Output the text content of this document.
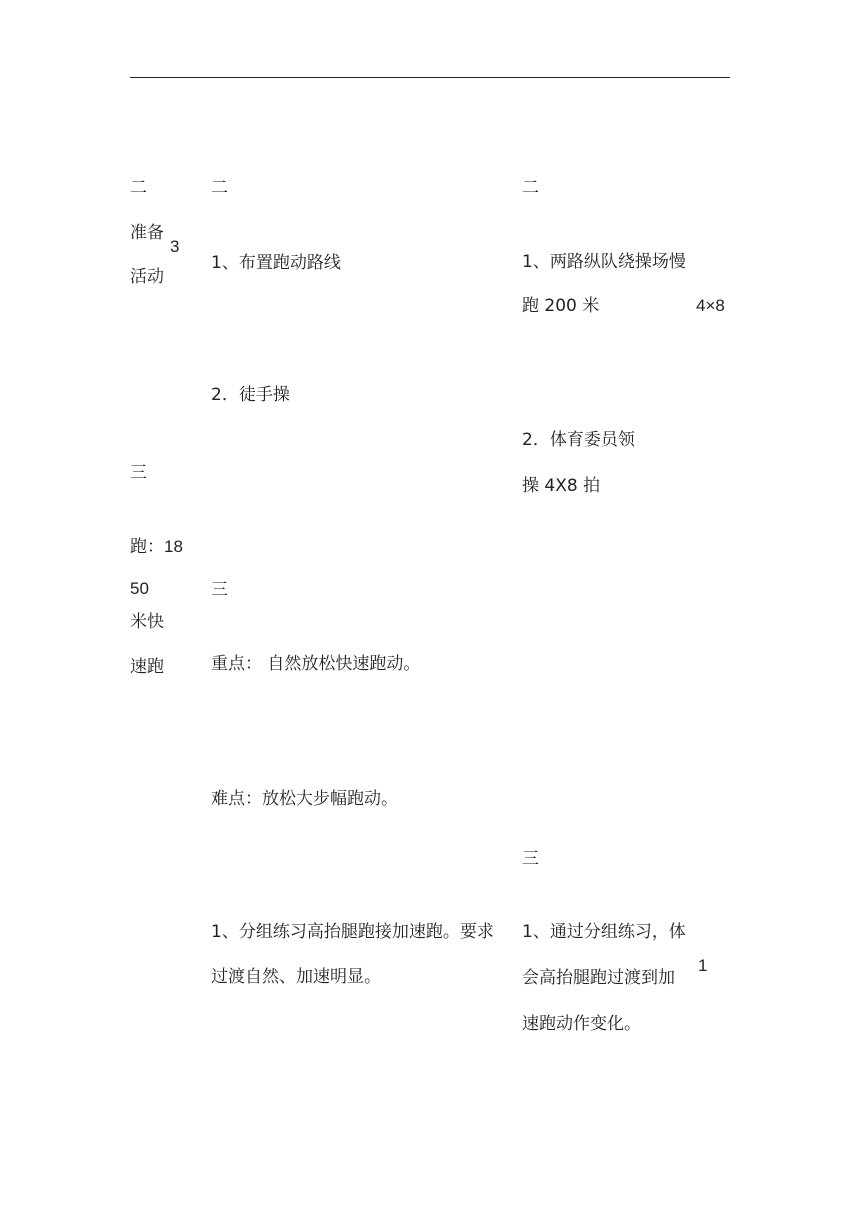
二
准备
3
活动
三
跑：18
50
米快
速跑
二
1、布置跑动路线
2．徒手操
三
重点： 自然放松快速跑动。
难点：放松大步幅跑动。
1、分组练习高抬腿跑接加速跑。要求
过渡自然、加速明显。
二
1、两路纵队绕操场慢
跑 200 米	4×8
2．体育委员领
操 4X8 拍
三
1、通过分组练习，体
会高抬腿跑过渡到加
1
速跑动作变化。
